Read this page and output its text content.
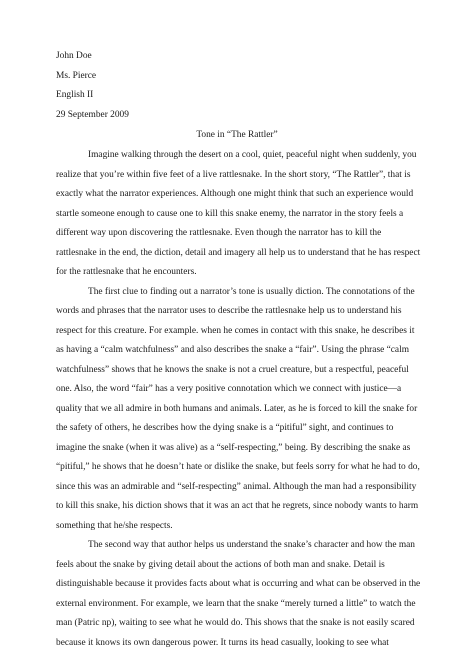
John Doe
Ms. Pierce
English II
29 September 2009
Tone in “The Rattler”
Imagine walking through the desert on a cool, quiet, peaceful night when suddenly, you
realize that you’re within five feet of a live rattlesnake. In the short story, “The Rattler”, that is
exactly what the narrator experiences. Although one might think that such an experience would
startle someone enough to cause one to kill this snake enemy, the narrator in the story feels a
different way upon discovering the rattlesnake. Even though the narrator has to kill the
rattlesnake in the end, the diction, detail and imagery all help us to understand that he has respect
for the rattlesnake that he encounters.
The first clue to finding out a narrator’s tone is usually diction. The connotations of the
words and phrases that the narrator uses to describe the rattlesnake help us to understand his
respect for this creature. For example. when he comes in contact with this snake, he describes it
as having a “calm watchfulness” and also describes the snake a “fair”. Using the phrase “calm
watchfulness” shows that he knows the snake is not a cruel creature, but a respectful, peaceful
one. Also, the word “fair” has a very positive connotation which we connect with justice—a
quality that we all admire in both humans and animals. Later, as he is forced to kill the snake for
the safety of others, he describes how the dying snake is a “pitiful” sight, and continues to
imagine the snake (when it was alive) as a “self-respecting,” being. By describing the snake as
“pitiful,” he shows that he doesn’t hate or dislike the snake, but feels sorry for what he had to do,
since this was an admirable and “self-respecting” animal. Although the man had a responsibility
to kill this snake, his diction shows that it was an act that he regrets, since nobody wants to harm
something that he/she respects.
The second way that author helps us understand the snake’s character and how the man
feels about the snake by giving detail about the actions of both man and snake. Detail is
distinguishable because it provides facts about what is occurring and what can be observed in the
external environment. For example, we learn that the snake “merely turned a little” to watch the
man (Patric np), waiting to see what he would do. This shows that the snake is not easily scared
because it knows its own dangerous power. It turns its head casually, looking to see what
